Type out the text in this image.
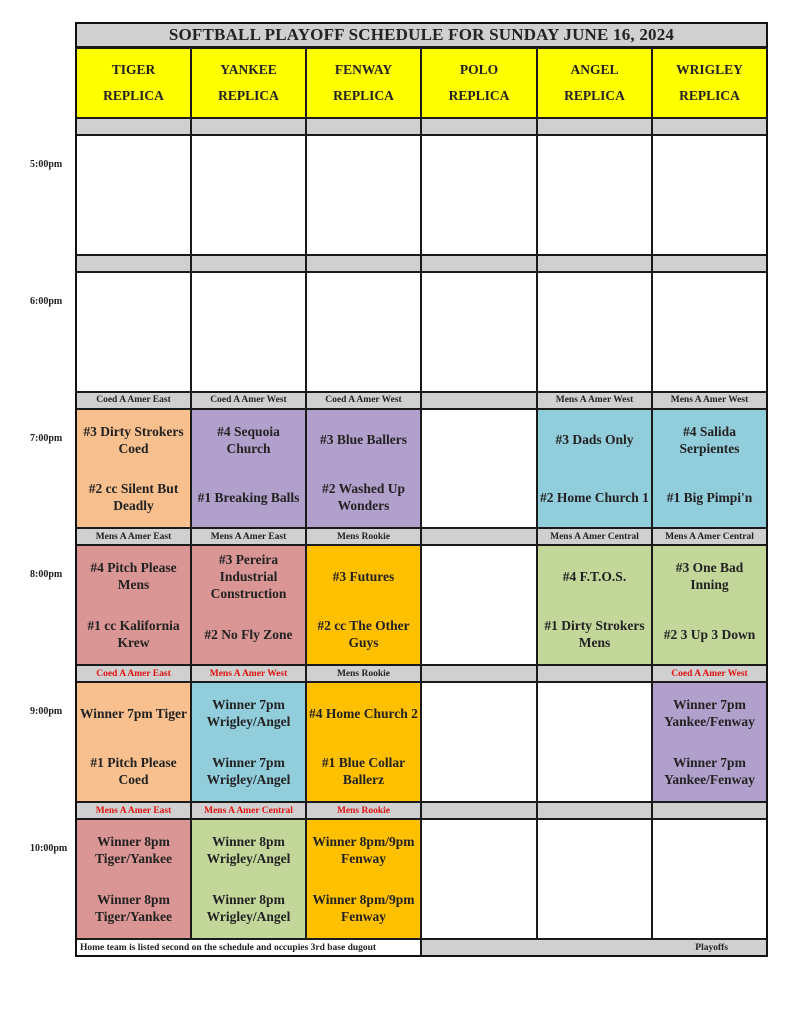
SOFTBALL PLAYOFF SCHEDULE FOR SUNDAY JUNE 16, 2024
TIGER
REPLICA
YANKEE
REPLICA
FENWAY
REPLICA
POLO
REPLICA
ANGEL
REPLICA
WRIGLEY
REPLICA
5:00pm
6:00pm
7:00pm
Coed A Amer East
#3 Dirty Strokers Coed
#2 cc Silent But Deadly
Coed A Amer West
#4 Sequoia Church
#1 Breaking Balls
Coed A Amer West
#3 Blue Ballers
#2 Washed Up Wonders
Mens A Amer West
#3 Dads Only
#2 Home Church 1
Mens A Amer West
#4 Salida Serpientes
#1 Big Pimpi'n
8:00pm
Mens A Amer East
#4 Pitch Please Mens
#1 cc Kalifornia Krew
Mens A Amer East
#3 Pereira Industrial Construction
#2 No Fly Zone
Mens Rookie
#3 Futures
#2 cc The Other Guys
Mens A Amer Central
#4 F.T.O.S.
#1 Dirty Strokers Mens
Mens A Amer Central
#3 One Bad Inning
#2 3 Up 3 Down
9:00pm
Coed A Amer East
Winner 7pm Tiger
#1 Pitch Please Coed
Mens A Amer West
Winner 7pm Wrigley/Angel
Winner 7pm Wrigley/Angel
Mens Rookie
#4 Home Church 2
#1 Blue Collar Ballerz
Coed A Amer West
Winner 7pm Yankee/Fenway
Winner 7pm Yankee/Fenway
10:00pm
Mens A Amer East
Winner 8pm Tiger/Yankee
Winner 8pm Tiger/Yankee
Mens A Amer Central
Winner 8pm Wrigley/Angel
Winner 8pm Wrigley/Angel
Mens Rookie
Winner 8pm/9pm Fenway
Winner 8pm/9pm Fenway
Home team is listed second on the schedule and occupies 3rd base dugout	Playoffs
